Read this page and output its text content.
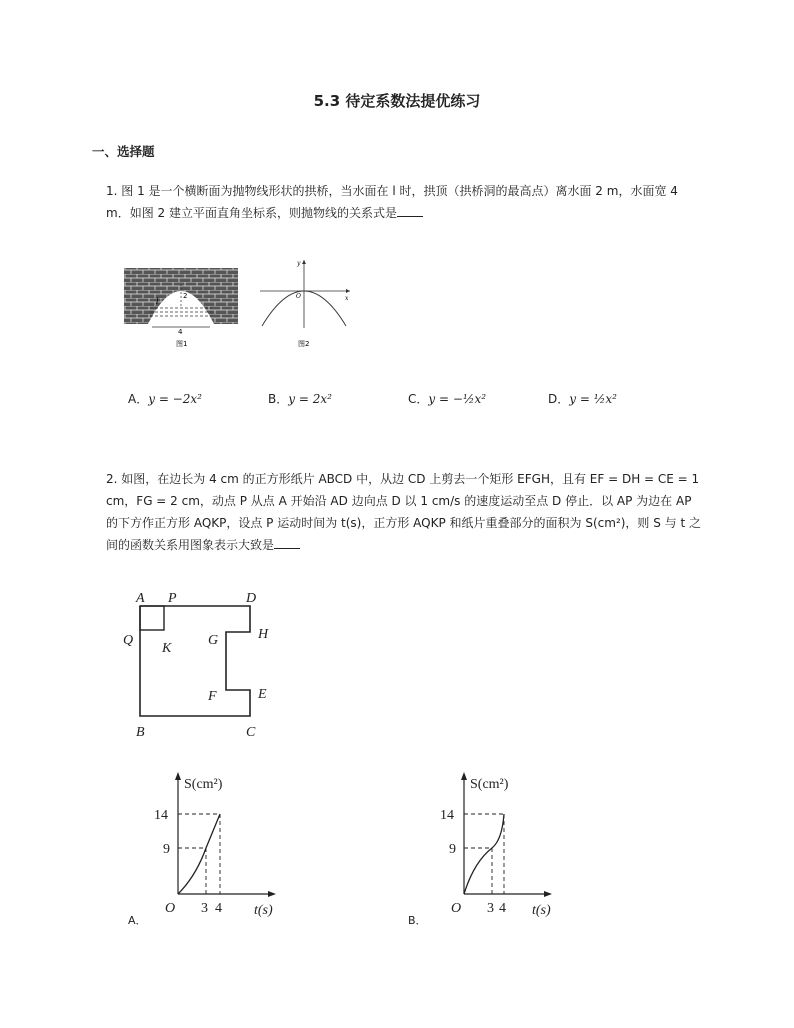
5.3 待定系数法提优练习
一、选择题
1. 图 1 是一个横断面为抛物线形状的拱桥，当水面在 l 时，拱顶（拱桥洞的最高点）离水面 2 m，水面宽 4 m．如图 2 建立平面直角坐标系，则抛物线的关系式是
l
2
4
图1
y
x
O
图2
A．y = −2x²	B．y = 2x²	C．y = −½x²	D．y = ½x²
2. 如图，在边长为 4 cm 的正方形纸片 ABCD 中，从边 CD 上剪去一个矩形 EFGH，且有 EF = DH = CE = 1 cm，FG = 2 cm，动点 P 从点 A 开始沿 AD 边向点 D 以 1 cm/s 的速度运动至点 D 停止．以 AP 为边在 AP 的下方作正方形 AQKP，设点 P 运动时间为 t(s)，正方形 AQKP 和纸片重叠部分的面积为 S(cm²)，则 S 与 t 之间的函数关系用图象表示大致是
A P	D
Q
K
G	H
F	E
B	C
A．
S(cm²)
14
9
O 3 4 t(s)
B．
S(cm²)
14
9
O 3 4 t(s)
